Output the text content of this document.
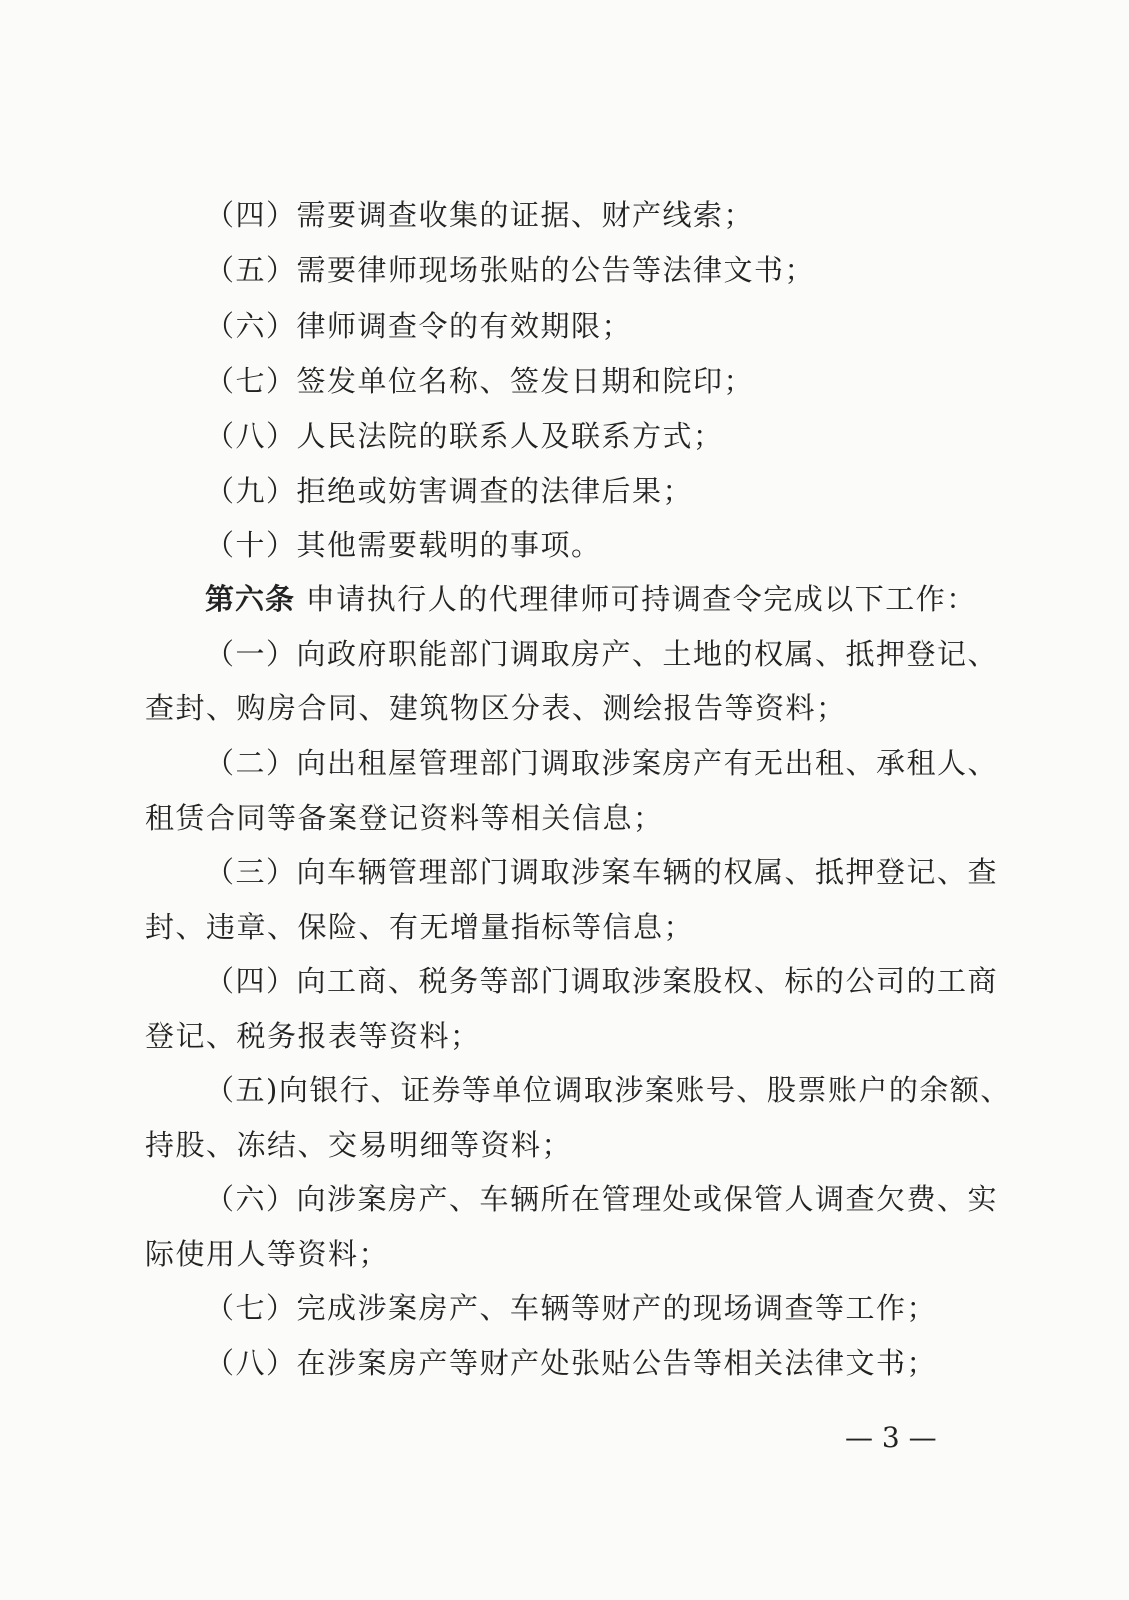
（四）需要调查收集的证据、财产线索；
（五）需要律师现场张贴的公告等法律文书；
（六）律师调查令的有效期限；
（七）签发单位名称、签发日期和院印；
（八）人民法院的联系人及联系方式；
（九）拒绝或妨害调查的法律后果；
（十）其他需要载明的事项。
第六条 申请执行人的代理律师可持调查令完成以下工作：
（一）向政府职能部门调取房产、土地的权属、抵押登记、
查封、购房合同、建筑物区分表、测绘报告等资料；
（二）向出租屋管理部门调取涉案房产有无出租、承租人、
租赁合同等备案登记资料等相关信息；
（三）向车辆管理部门调取涉案车辆的权属、抵押登记、查
封、违章、保险、有无增量指标等信息；
（四）向工商、税务等部门调取涉案股权、标的公司的工商
登记、税务报表等资料；
（五)向银行、证券等单位调取涉案账号、股票账户的余额、
持股、冻结、交易明细等资料；
（六）向涉案房产、车辆所在管理处或保管人调查欠费、实
际使用人等资料；
（七）完成涉案房产、车辆等财产的现场调查等工作；
（八）在涉案房产等财产处张贴公告等相关法律文书；
— 3 —
